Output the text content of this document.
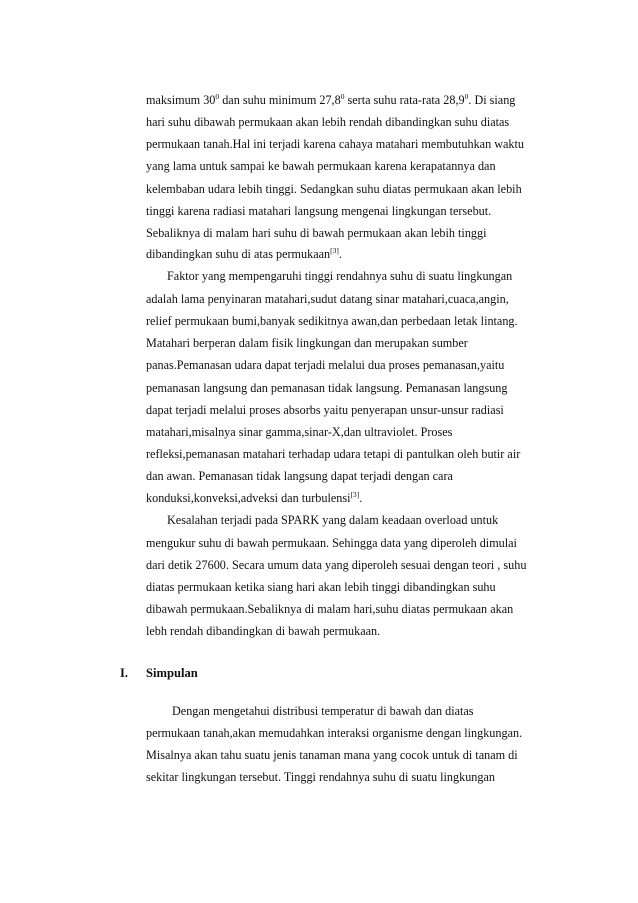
maksimum $30^0$ dan suhu minimum 27,8$^0$ serta suhu rata-rata 28,9$^0$. Di siang
hari suhu dibawah permukaan akan lebih rendah dibandingkan suhu diatas
permukaan tanah.Hal ini terjadi karena cahaya matahari membutuhkan waktu
yang lama untuk sampai ke bawah permukaan karena kerapatannya dan
kelembaban udara lebih tinggi. Sedangkan suhu diatas permukaan akan lebih
tinggi karena radiasi matahari langsung mengenai lingkungan tersebut.
Sebaliknya di malam hari suhu di bawah permukaan akan lebih tinggi
dibandingkan suhu di atas permukaan[3].
Faktor yang mempengaruhi tinggi rendahnya suhu di suatu lingkungan
adalah lama penyinaran matahari,sudut datang sinar matahari,cuaca,angin,
relief permukaan bumi,banyak sedikitnya awan,dan perbedaan letak lintang.
Matahari berperan dalam fisik lingkungan dan merupakan sumber
panas.Pemanasan udara dapat terjadi melalui dua proses pemanasan,yaitu
pemanasan langsung dan pemanasan tidak langsung. Pemanasan langsung
dapat terjadi melalui proses absorbs yaitu penyerapan unsur-unsur radiasi
matahari,misalnya sinar gamma,sinar-X,dan ultraviolet. Proses
refleksi,pemanasan matahari terhadap udara tetapi di pantulkan oleh butir air
dan awan. Pemanasan tidak langsung dapat terjadi dengan cara
konduksi,konveksi,adveksi dan turbulensi[3].
Kesalahan terjadi pada SPARK yang dalam keadaan overload untuk
mengukur suhu di bawah permukaan. Sehingga data yang diperoleh dimulai
dari detik 27600. Secara umum data yang diperoleh sesuai dengan teori , suhu
diatas permukaan ketika siang hari akan lebih tinggi dibandingkan suhu
dibawah permukaan.Sebaliknya di malam hari,suhu diatas permukaan akan
lebh rendah dibandingkan di bawah permukaan.
I. Simpulan
Dengan mengetahui distribusi temperatur di bawah dan diatas
permukaan tanah,akan memudahkan interaksi organisme dengan lingkungan.
Misalnya akan tahu suatu jenis tanaman mana yang cocok untuk di tanam di
sekitar lingkungan tersebut. Tinggi rendahnya suhu di suatu lingkungan
